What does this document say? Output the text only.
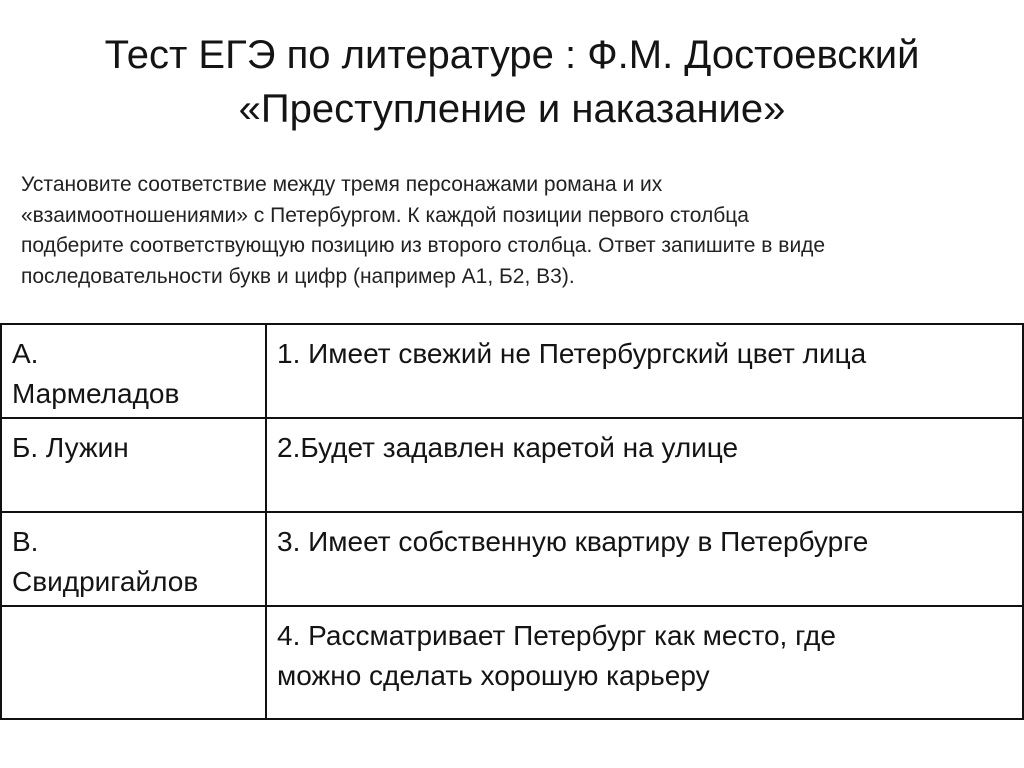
Тест ЕГЭ по литературе : Ф.М. Достоевский
«Преступление и наказание»
Установите соответствие между тремя персонажами романа и их
«взаимоотношениями» с Петербургом. К каждой позиции первого столбца
подберите соответствующую позицию из второго столбца. Ответ запишите в виде
последовательности букв и цифр (например А1, Б2, В3).
А.
Мармеладов	1. Имеет свежий не Петербургский цвет лица

Б. Лужин	2.Будет задавлен каретой на улице

В.
Свидригайлов	3. Имеет собственную квартиру в Петербурге

	4. Рассматривает Петербург как место, где
можно сделать хорошую карьеру
